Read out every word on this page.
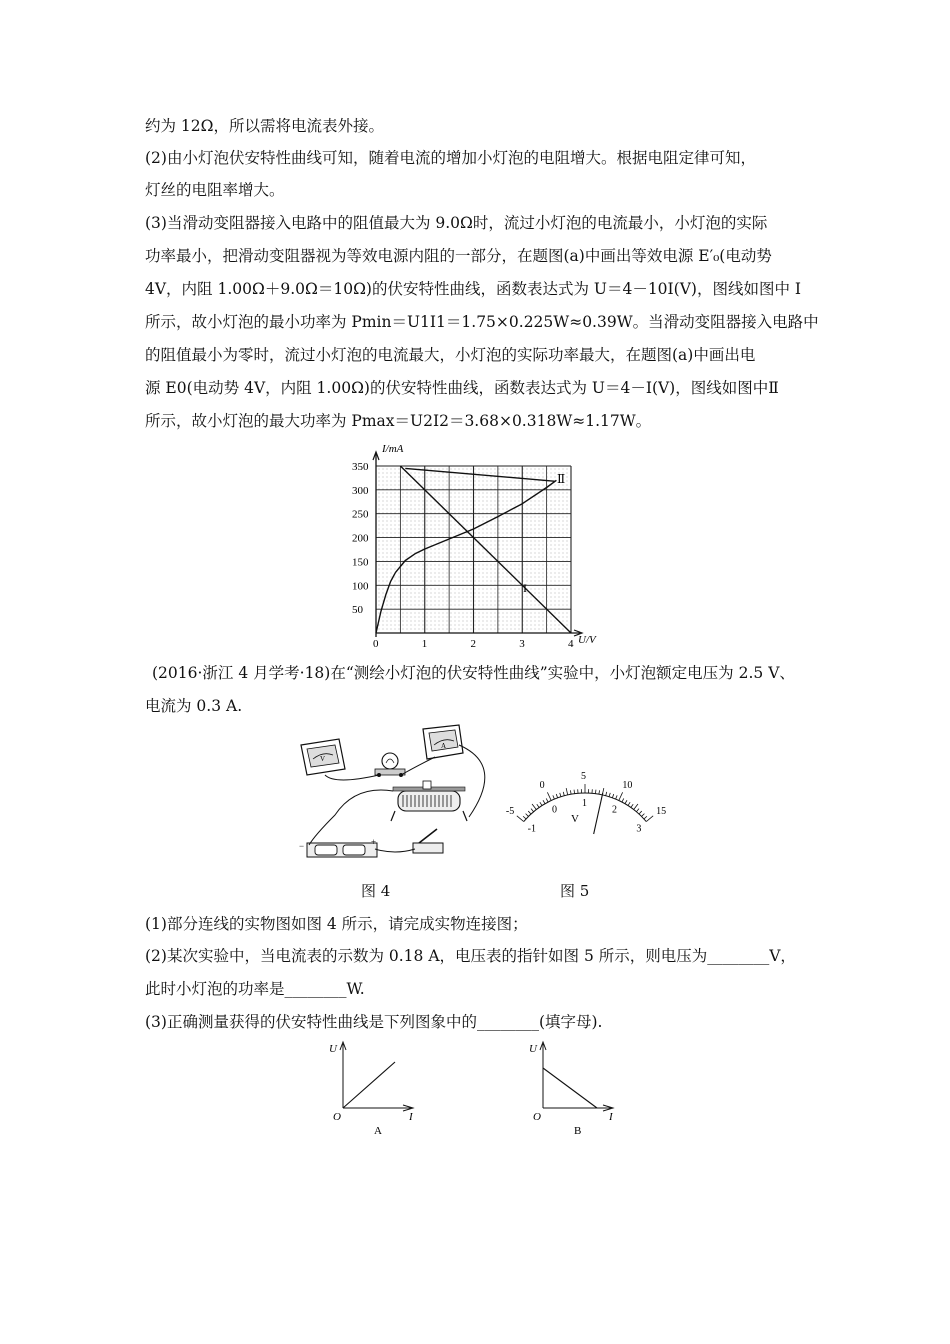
约为 12Ω，所以需将电流表外接。
(2)由小灯泡伏安特性曲线可知，随着电流的增加小灯泡的电阻增大。根据电阻定律可知，
灯丝的电阻率增大。
(3)当滑动变阻器接入电路中的阻值最大为 9.0Ω时，流过小灯泡的电流最小，小灯泡的实际
功率最小，把滑动变阻器视为等效电源内阻的一部分，在题图(a)中画出等效电源 E′₀(电动势
4V，内阻 1.00Ω＋9.0Ω＝10Ω)的伏安特性曲线，函数表达式为 U＝4－10I(V)，图线如图中 I
所示，故小灯泡的最小功率为 Pmin＝U1I1＝1.75×0.225W≈0.39W。当滑动变阻器接入电路中
的阻值最小为零时，流过小灯泡的电流最大，小灯泡的实际功率最大，在题图(a)中画出电
源 E0(电动势 4V，内阻 1.00Ω)的伏安特性曲线，函数表达式为 U＝4－I(V)，图线如图中Ⅱ
所示，故小灯泡的最大功率为 Pmax＝U2I2＝3.68×0.318W≈1.17W。
0	1	2	3	4
50
100
150
200
250
300
350
I/mA
U/V
Ⅱ
I
(2016·浙江 4 月学考·18)在“测绘小灯泡的伏安特性曲线”实验中，小灯泡额定电压为 2.5 V、
电流为 0.3 A.
V
A
−	+
-5
0
5
10
15
-1
0
1
2
3
V
图 4	图 5
(1)部分连线的实物图如图 4 所示，请完成实物连接图；
(2)某次实验中，当电流表的示数为 0.18 A，电压表的指针如图 5 所示，则电压为________V，
此时小灯泡的功率是________W.
(3)正确测量获得的伏安特性曲线是下列图象中的________(填字母).
U
O	I
A
U
O	I
B
